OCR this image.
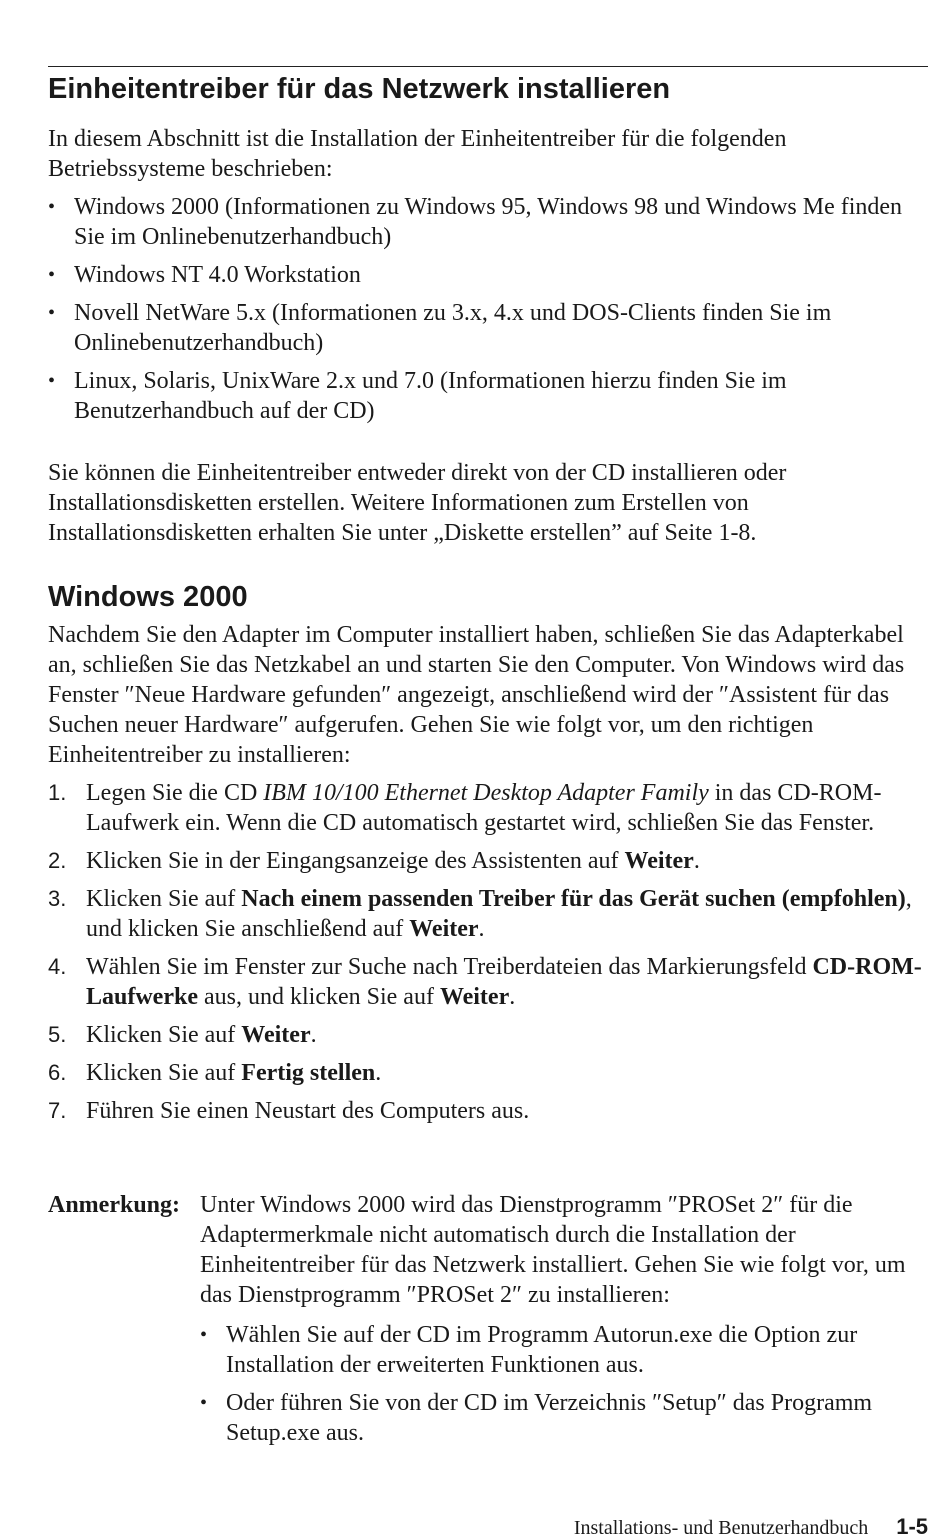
Einheitentreiber für das Netzwerk installieren

In diesem Abschnitt ist die Installation der Einheitentreiber für die folgenden Betriebssysteme beschrieben:

• Windows 2000 (Informationen zu Windows 95, Windows 98 und Windows Me finden Sie im Onlinebenutzerhandbuch)
• Windows NT 4.0 Workstation
• Novell NetWare 5.x (Informationen zu 3.x, 4.x und DOS-Clients finden Sie im Onlinebenutzerhandbuch)
• Linux, Solaris, UnixWare 2.x und 7.0 (Informationen hierzu finden Sie im Benutzerhandbuch auf der CD)

Sie können die Einheitentreiber entweder direkt von der CD installieren oder Installationsdisketten erstellen. Weitere Informationen zum Erstellen von Installationsdisketten erhalten Sie unter „Diskette erstellen” auf Seite 1-8.

Windows 2000

Nachdem Sie den Adapter im Computer installiert haben, schließen Sie das Adapterkabel an, schließen Sie das Netzkabel an und starten Sie den Computer. Von Windows wird das Fenster ″Neue Hardware gefunden″ angezeigt, anschließend wird der ″Assistent für das Suchen neuer Hardware″ aufgerufen. Gehen Sie wie folgt vor, um den richtigen Einheitentreiber zu installieren:

1. Legen Sie die CD IBM 10/100 Ethernet Desktop Adapter Family in das CD-ROM-Laufwerk ein. Wenn die CD automatisch gestartet wird, schließen Sie das Fenster.
2. Klicken Sie in der Eingangsanzeige des Assistenten auf Weiter.
3. Klicken Sie auf Nach einem passenden Treiber für das Gerät suchen (empfohlen), und klicken Sie anschließend auf Weiter.
4. Wählen Sie im Fenster zur Suche nach Treiberdateien das Markierungsfeld CD-ROM-Laufwerke aus, und klicken Sie auf Weiter.
5. Klicken Sie auf Weiter.
6. Klicken Sie auf Fertig stellen.
7. Führen Sie einen Neustart des Computers aus.
Anmerkung: Unter Windows 2000 wird das Dienstprogramm ″PROSet 2″ für die Adaptermerkmale nicht automatisch durch die Installation der Einheitentreiber für das Netzwerk installiert. Gehen Sie wie folgt vor, um das Dienstprogramm ″PROSet 2″ zu installieren:

• Wählen Sie auf der CD im Programm Autorun.exe die Option zur Installation der erweiterten Funktionen aus.
• Oder führen Sie von der CD im Verzeichnis ″Setup″ das Programm Setup.exe aus.
Installations- und Benutzerhandbuch 1-5
